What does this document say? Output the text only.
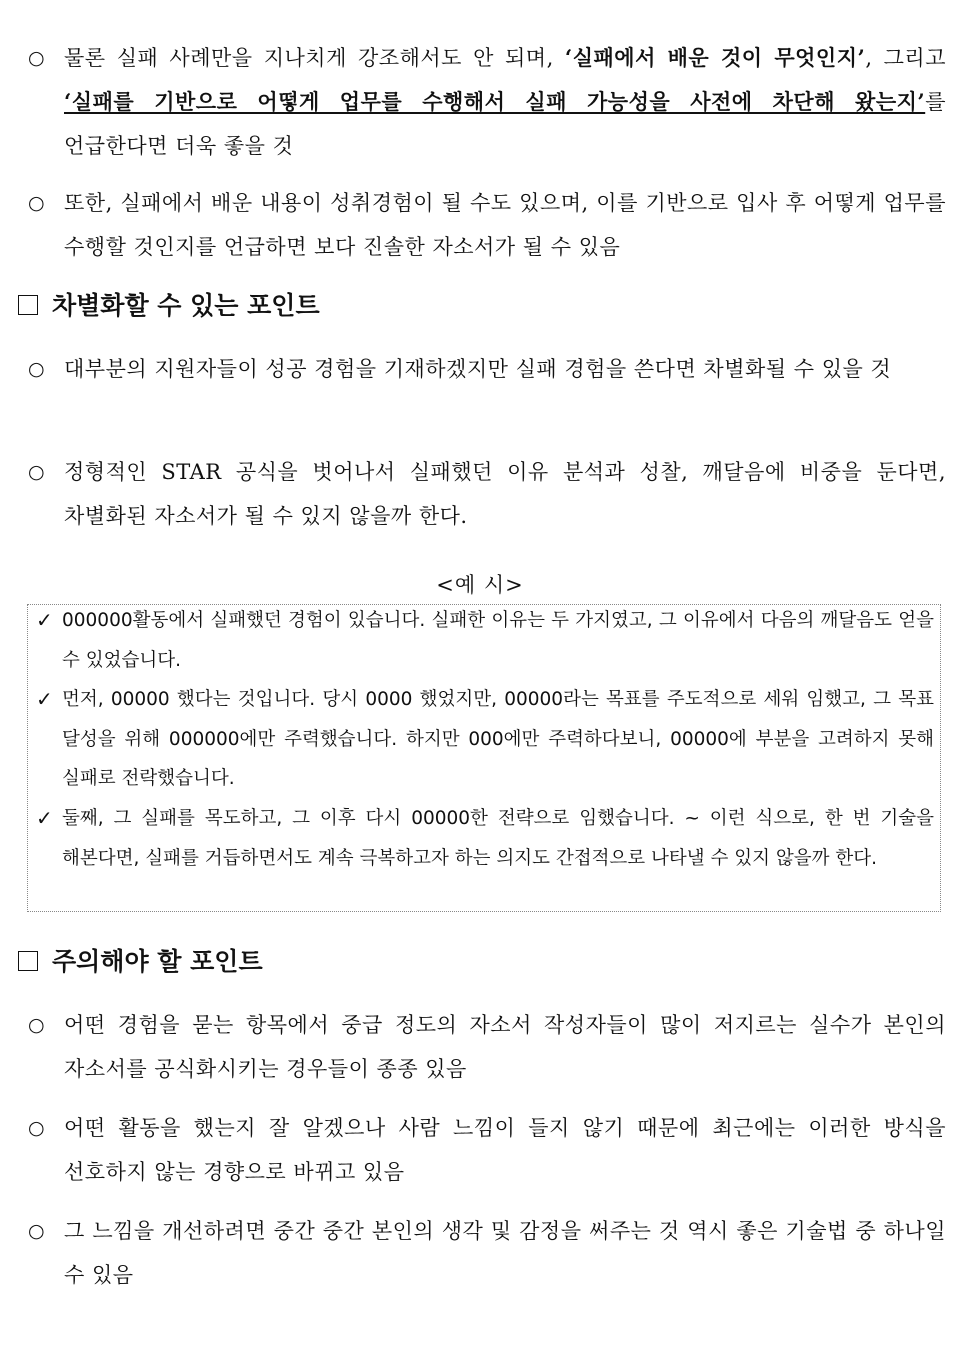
○ 물론 실패 사례만을 지나치게 강조해서도 안 되며, ‘실패에서 배운 것이 무엇인지’, 그리고 ‘실패를 기반으로 어떻게 업무를 수행해서 실패 가능성을 사전에 차단해 왔는지’를 언급한다면 더욱 좋을 것
○ 또한, 실패에서 배운 내용이 성취경험이 될 수도 있으며, 이를 기반으로 입사 후 어떻게 업무를 수행할 것인지를 언급하면 보다 진솔한 자소서가 될 수 있음
차별화할 수 있는 포인트
○ 대부분의 지원자들이 성공 경험을 기재하겠지만 실패 경험을 쓴다면 차별화될 수 있을 것
○ 정형적인 STAR 공식을 벗어나서 실패했던 이유 분석과 성찰, 깨달음에 비중을 둔다면, 차별화된 자소서가 될 수 있지 않을까 한다.
<예 시>
✓ 000000활동에서 실패했던 경험이 있습니다. 실패한 이유는 두 가지였고, 그 이유에서 다음의 깨달음도 얻을 수 있었습니다.
✓ 먼저, 00000 했다는 것입니다. 당시 0000 했었지만, 00000라는 목표를 주도적으로 세워 임했고, 그 목표 달성을 위해 000000에만 주력했습니다. 하지만 000에만 주력하다보니, 00000에 부분을 고려하지 못해 실패로 전락했습니다.
✓ 둘째, 그 실패를 목도하고, 그 이후 다시 00000한 전략으로 임했습니다. ~ 이런 식으로, 한 번 기술을 해본다면, 실패를 거듭하면서도 계속 극복하고자 하는 의지도 간접적으로 나타낼 수 있지 않을까 한다.
주의해야 할 포인트
○ 어떤 경험을 묻는 항목에서 중급 정도의 자소서 작성자들이 많이 저지르는 실수가 본인의 자소서를 공식화시키는 경우들이 종종 있음
○ 어떤 활동을 했는지 잘 알겠으나 사람 느낌이 들지 않기 때문에 최근에는 이러한 방식을 선호하지 않는 경향으로 바뀌고 있음
○ 그 느낌을 개선하려면 중간 중간 본인의 생각 및 감정을 써주는 것 역시 좋은 기술법 중 하나일 수 있음
